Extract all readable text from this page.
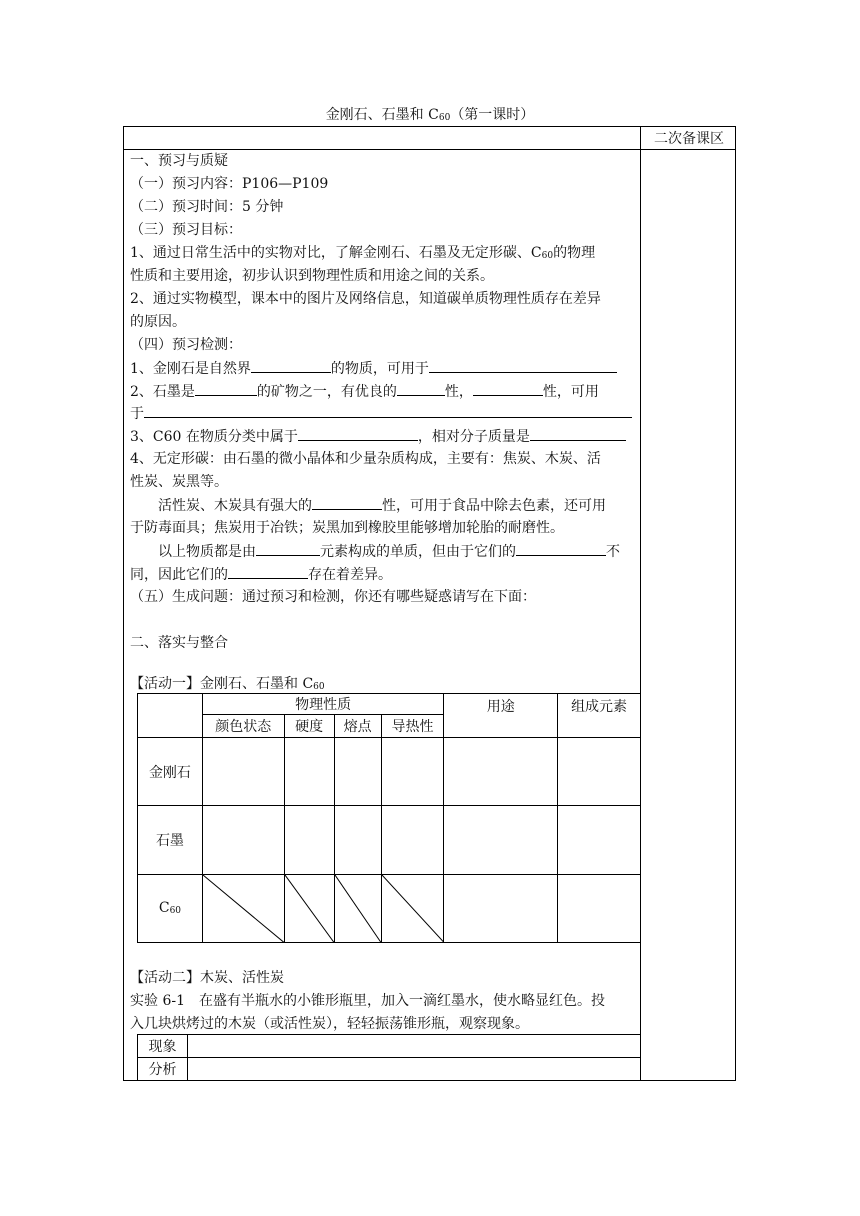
金刚石、石墨和 C60（第一课时）
二次备课区
一、预习与质疑
（一）预习内容：P106—P109
（二）预习时间：5 分钟
（三）预习目标：
1、通过日常生活中的实物对比，了解金刚石、石墨及无定形碳、C60的物理
性质和主要用途，初步认识到物理性质和用途之间的关系。
2、通过实物模型，课本中的图片及网络信息，知道碳单质物理性质存在差异
的原因。
（四）预习检测：
1、金刚石是自然界	的物质，可用于
2、石墨是	的矿物之一，有优良的	性，	性，可用
于
3、C60 在物质分类中属于	，相对分子质量是
4、无定形碳：由石墨的微小晶体和少量杂质构成，主要有：焦炭、木炭、活
性炭、炭黑等。
活性炭、木炭具有强大的	性，可用于食品中除去色素，还可用
于防毒面具；焦炭用于冶铁；炭黑加到橡胶里能够增加轮胎的耐磨性。
以上物质都是由	元素构成的单质，但由于它们的	不
同，因此它们的	存在着差异。
（五）生成问题：通过预习和检测，你还有哪些疑惑请写在下面：
二、落实与整合
【活动一】金刚石、石墨和 C60
	物理性质				用途	组成元素
	颜色状态	硬度	熔点	导热性		
金刚石						
石墨						
C60	

【活动二】木炭、活性炭
实验 6-1　在盛有半瓶水的小锥形瓶里，加入一滴红墨水，使水略显红色。投
入几块烘烤过的木炭（或活性炭），轻轻振荡锥形瓶，观察现象。
现象	
分析	
